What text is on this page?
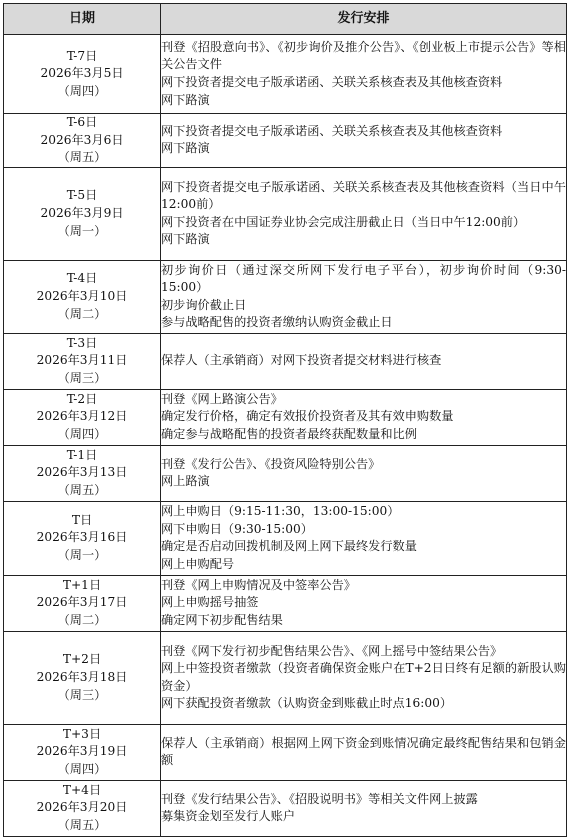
日期	发行安排

T-7日
2026年3月5日
（周四）	刊登《招股意向书》、《初步询价及推介公告》、《创业板上市提示公告》等相关公告文件
网下投资者提交电子版承诺函、关联关系核查表及其他核查资料
网下路演

T-6日
2026年3月6日
（周五）	网下投资者提交电子版承诺函、关联关系核查表及其他核查资料
网下路演

T-5日
2026年3月9日
（周一）	网下投资者提交电子版承诺函、关联关系核查表及其他核查资料（当日中午12:00前）
网下投资者在中国证券业协会完成注册截止日（当日中午12:00前）
网下路演

T-4日
2026年3月10日
（周二）	初步询价日（通过深交所网下发行电子平台），初步询价时间（9:30-15:00）
初步询价截止日
参与战略配售的投资者缴纳认购资金截止日

T-3日
2026年3月11日
（周三）	保荐人（主承销商）对网下投资者提交材料进行核查

T-2日
2026年3月12日
（周四）	刊登《网上路演公告》
确定发行价格，确定有效报价投资者及其有效申购数量
确定参与战略配售的投资者最终获配数量和比例

T-1日
2026年3月13日
（周五）	刊登《发行公告》、《投资风险特别公告》
网上路演

T日
2026年3月16日
（周一）	网上申购日（9:15-11:30，13:00-15:00）
网下申购日（9:30-15:00）
确定是否启动回拨机制及网上网下最终发行数量
网上申购配号

T+1日
2026年3月17日
（周二）	刊登《网上申购情况及中签率公告》
网上申购摇号抽签
确定网下初步配售结果

T+2日
2026年3月18日
（周三）	刊登《网下发行初步配售结果公告》、《网上摇号中签结果公告》
网上中签投资者缴款（投资者确保资金账户在T+2日日终有足额的新股认购资金）
网下获配投资者缴款（认购资金到账截止时点16:00）

T+3日
2026年3月19日
（周四）	保荐人（主承销商）根据网上网下资金到账情况确定最终配售结果和包销金额

T+4日
2026年3月20日
（周五）	刊登《发行结果公告》、《招股说明书》等相关文件网上披露
募集资金划至发行人账户
